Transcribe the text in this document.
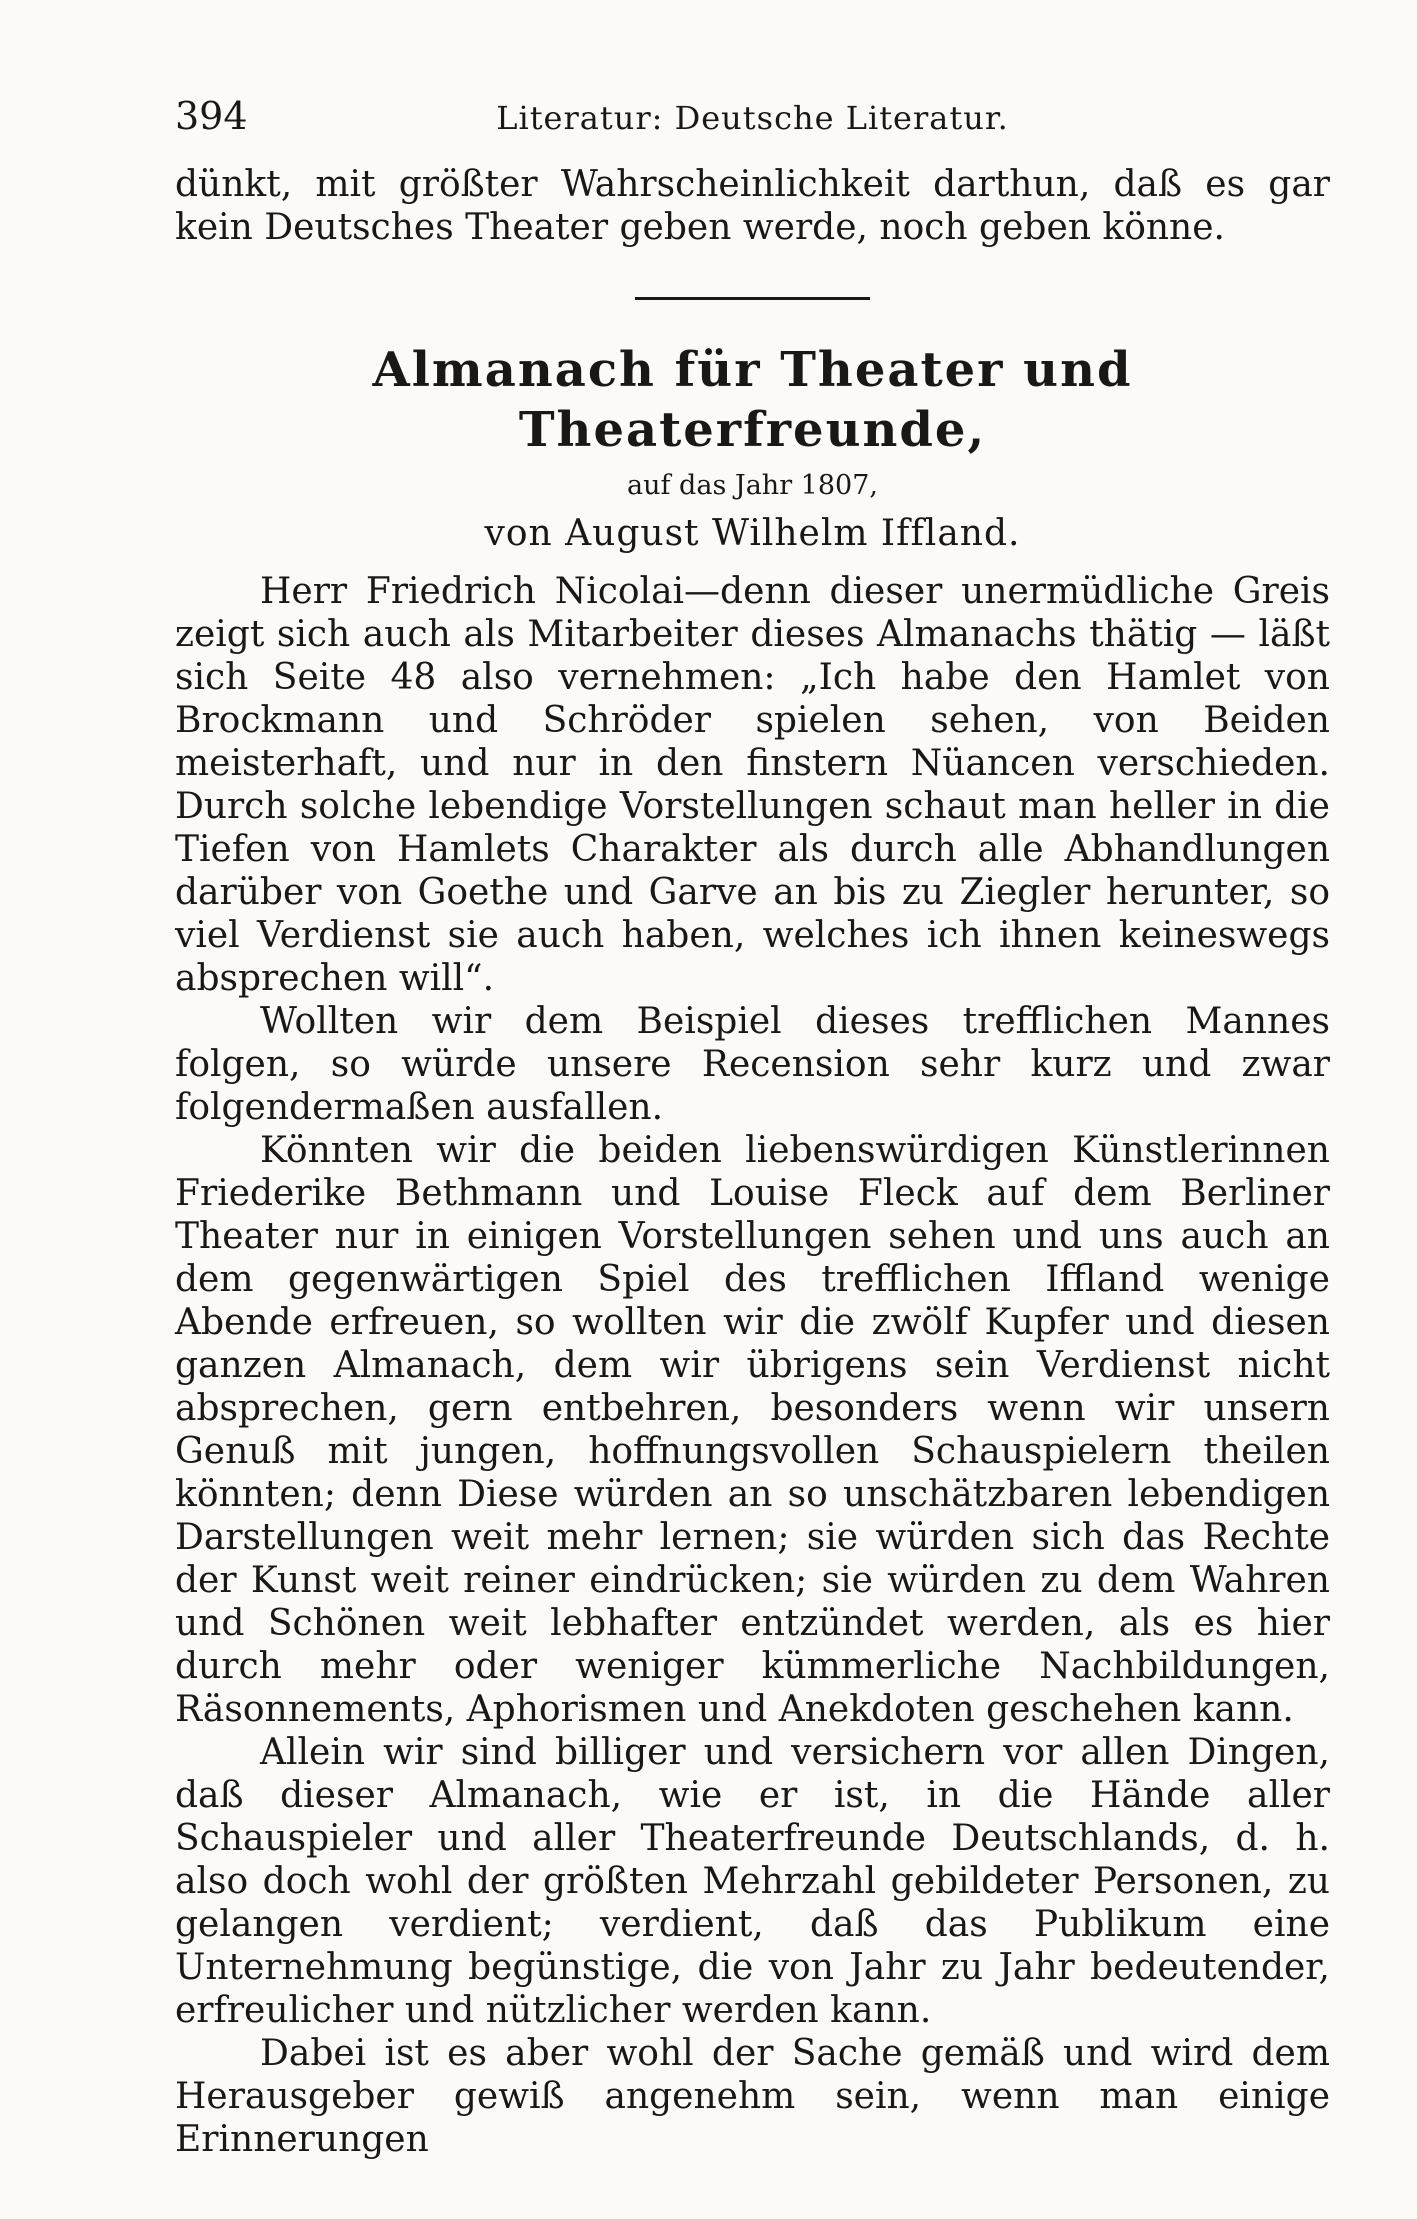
394	Literatur: Deutsche Literatur.

dünkt, mit größter Wahrscheinlichkeit darthun, daß es gar kein Deutsches Theater geben werde, noch geben könne.

Almanach für Theater und Theaterfreunde,
auf das Jahr 1807,
von August Wilhelm Iffland.

Herr Friedrich Nicolai—denn dieser unermüdliche Greis zeigt sich auch als Mitarbeiter dieses Almanachs thätig — läßt sich Seite 48 also vernehmen: „Ich habe den Hamlet von Brockmann und Schröder spielen sehen, von Beiden meisterhaft, und nur in den finstern Nüancen verschieden. Durch solche lebendige Vorstellungen schaut man heller in die Tiefen von Hamlets Charakter als durch alle Abhandlungen darüber von Goethe und Garve an bis zu Ziegler herunter, so viel Verdienst sie auch haben, welches ich ihnen keineswegs absprechen will“.

Wollten wir dem Beispiel dieses trefflichen Mannes folgen, so würde unsere Recension sehr kurz und zwar folgendermaßen ausfallen.

Könnten wir die beiden liebenswürdigen Künstlerinnen Friederike Bethmann und Louise Fleck auf dem Berliner Theater nur in einigen Vorstellungen sehen und uns auch an dem gegenwärtigen Spiel des trefflichen Iffland wenige Abende erfreuen, so wollten wir die zwölf Kupfer und diesen ganzen Almanach, dem wir übrigens sein Verdienst nicht absprechen, gern entbehren, besonders wenn wir unsern Genuß mit jungen, hoffnungsvollen Schauspielern theilen könnten; denn Diese würden an so unschätzbaren lebendigen Darstellungen weit mehr lernen; sie würden sich das Rechte der Kunst weit reiner eindrücken; sie würden zu dem Wahren und Schönen weit lebhafter entzündet werden, als es hier durch mehr oder weniger kümmerliche Nachbildungen, Räsonnements, Aphorismen und Anekdoten geschehen kann.

Allein wir sind billiger und versichern vor allen Dingen, daß dieser Almanach, wie er ist, in die Hände aller Schauspieler und aller Theaterfreunde Deutschlands, d. h. also doch wohl der größten Mehrzahl gebildeter Personen, zu gelangen verdient; verdient, daß das Publikum eine Unternehmung begünstige, die von Jahr zu Jahr bedeutender, erfreulicher und nützlicher werden kann.

Dabei ist es aber wohl der Sache gemäß und wird dem Herausgeber gewiß angenehm sein, wenn man einige Erinnerungen
